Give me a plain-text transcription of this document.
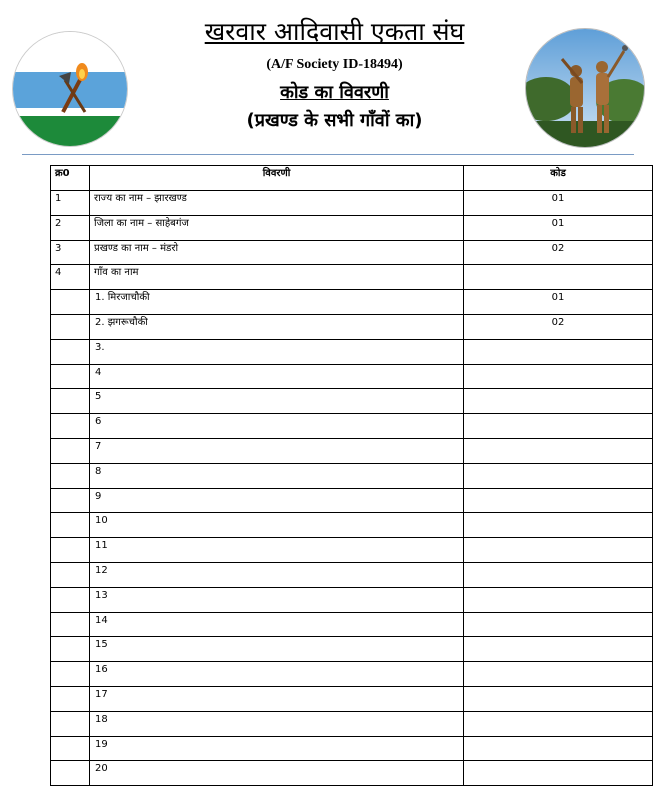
खरवार आदिवासी एकता संघ
(A/F Society ID-18494)
कोड का विवरणी
(प्रखण्ड के सभी गाँवों का)
क्र0	विवरणी	कोड
1	राज्य का नाम – झारखण्ड	01
2	जिला का नाम – साहेबगंज	01
3	प्रखण्ड का नाम – मंडरो	02
4	गाँव का नाम	
	1. मिरजाचौकी	01
	2. झगरूचौकी	02
	3.	
	4	
	5	
	6	
	7	
	8	
	9	
	10	
	11	
	12	
	13	
	14	
	15	
	16	
	17	
	18	
	19	
	20	
